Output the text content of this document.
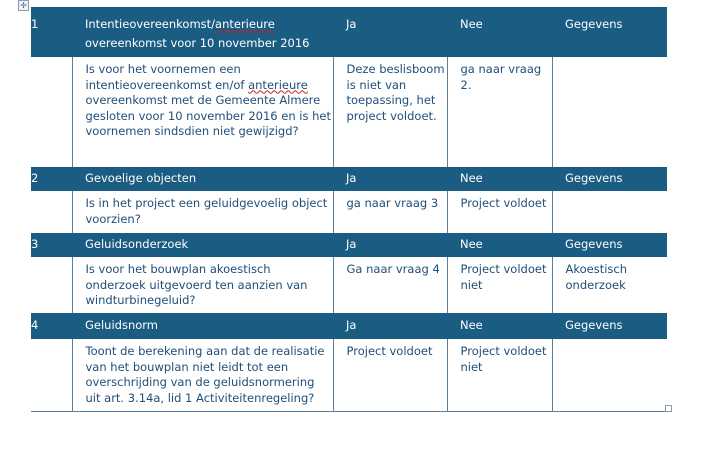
✛
1	Intentieovereenkomst/anterieure overeenkomst voor 10 november 2016	Ja	Nee	Gegevens
	Is voor het voornemen een intentieovereenkomst en/of anterieure overeenkomst met de Gemeente Almere gesloten voor 10 november 2016 en is het voornemen sindsdien niet gewijzigd?	Deze beslisboom is niet van toepassing, het project voldoet.	ga naar vraag 2.	
2	Gevoelige objecten	Ja	Nee	Gegevens
	Is in het project een geluidgevoelig object voorzien?	ga naar vraag 3	Project voldoet	
3	Geluidsonderzoek	Ja	Nee	Gegevens
	Is voor het bouwplan akoestisch onderzoek uitgevoerd ten aanzien van windturbinegeluid?	Ga naar vraag 4	Project voldoet niet	Akoestisch onderzoek
4	Geluidsnorm	Ja	Nee	Gegevens
	Toont de berekening aan dat de realisatie van het bouwplan niet leidt tot een overschrijding van de geluidsnormering uit art. 3.14a, lid 1 Activiteitenregeling?	Project voldoet	Project voldoet niet	
